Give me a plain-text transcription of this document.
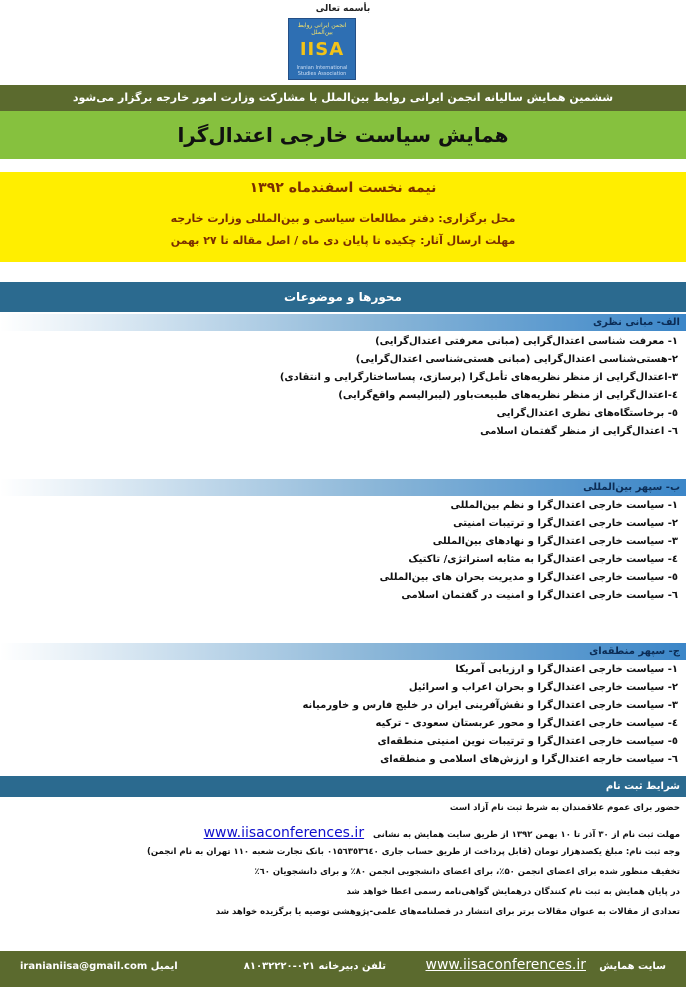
بأسمه تعالی
انجمن ایرانی روابط بین‌الملل
IISA
Iranian International Studies Association
ششمین همایش سالیانه انجمن ایرانی روابط بین‌الملل با مشارکت وزارت امور خارجه برگزار می‌شود
همایش سیاست خارجی اعتدال‌گرا
نیمه نخست اسفندماه ۱۳۹۲
محل برگزاری: دفتر مطالعات سیاسی و بین‌المللی وزارت خارجه
مهلت ارسال آثار: چکیده تا پایان دی ماه / اصل مقاله تا ۲۷ بهمن
محورها و موضوعات
الف- مبانی نظری
۱- معرفت شناسی اعتدال‌گرایی (مبانی معرفتی اعتدال‌گرایی)
۲-هستی‌شناسی اعتدال‌گرایی (مبانی هستی‌شناسی اعتدال‌گرایی)
۳-اعتدال‌گرایی از منظر نظریه‌های تأمل‌گرا (برسازی، پساساختارگرایی و انتقادی)
٤-اعتدال‌گرایی از منظر نظریه‌های طبیعت‌باور (لیبرالیسم واقع‌گرایی)
٥- برخاستگاه‌های نظری اعتدال‌گرایی
٦- اعتدال‌گرایی از منظر گفتمان اسلامی
ب- سپهر بین‌المللی
۱- سیاست خارجی اعتدال‌گرا و نظم بین‌المللی
۲- سیاست خارجی اعتدال‌گرا و ترتیبات امنیتی
۳- سیاست خارجی اعتدال‌گرا و نهادهای بین‌المللی
٤- سیاست خارجی اعتدال‌گرا به مثابه استراتژی/ تاکتیک
٥- سیاست خارجی اعتدال‌گرا و مدیریت بحران های بین‌المللی
٦- سیاست خارجی اعتدال‌گرا و امنیت در گفتمان اسلامی
ج- سپهر منطقه‌ای
۱- سیاست خارجی اعتدال‌گرا و ارزیابی آمریکا
۲- سیاست خارجی اعتدال‌گرا و بحران اعراب و اسرائیل
۳- سیاست خارجی اعتدال‌گرا و نقش‌آفرینی ایران در خلیج فارس و خاورمیانه
٤- سیاست خارجی اعتدال‌گرا و محور عربستان سعودی - ترکیه
٥- سیاست خارجی اعتدال‌گرا و ترتیبات نوین امنیتی منطقه‌ای
٦- سیاست خارجه اعتدال‌گرا و ارزش‌های اسلامی و منطقه‌ای
شرایط ثبت نام
حضور برای عموم علاقمندان به شرط ثبت نام آزاد است
مهلت ثبت نام از ۳۰ آذر تا ۱۰ بهمن ۱۳۹۲ از طریق سایت همایش به نشانی www.iisaconferences.ir
وجه ثبت نام: مبلغ یکصدهزار تومان (قابل پرداخت از طریق حساب جاری ۰۱۵٦۳٥۳٦٤۰ بانک تجارت شعبه ۱۱۰ تهران به نام انجمن)
تخفیف منظور شده برای اعضای انجمن ۵۰٪، برای اعضای دانشجویی انجمن ۸۰٪ و برای دانشجویان ٦۰٪
در پایان همایش به ثبت نام کنندگان درهمایش گواهی‌نامه رسمی اعطا خواهد شد
تعدادی از مقالات به عنوان مقالات برتر برای انتشار در فصلنامه‌های علمی-پژوهشی توصیه یا برگزیده خواهد شد
سایت همایش
www.iisaconferences.ir
تلفن دبیرخانه ۰۲۱-۸۱۰۳۲۲۲۰
ایمیل iranianiisa@gmail.com
